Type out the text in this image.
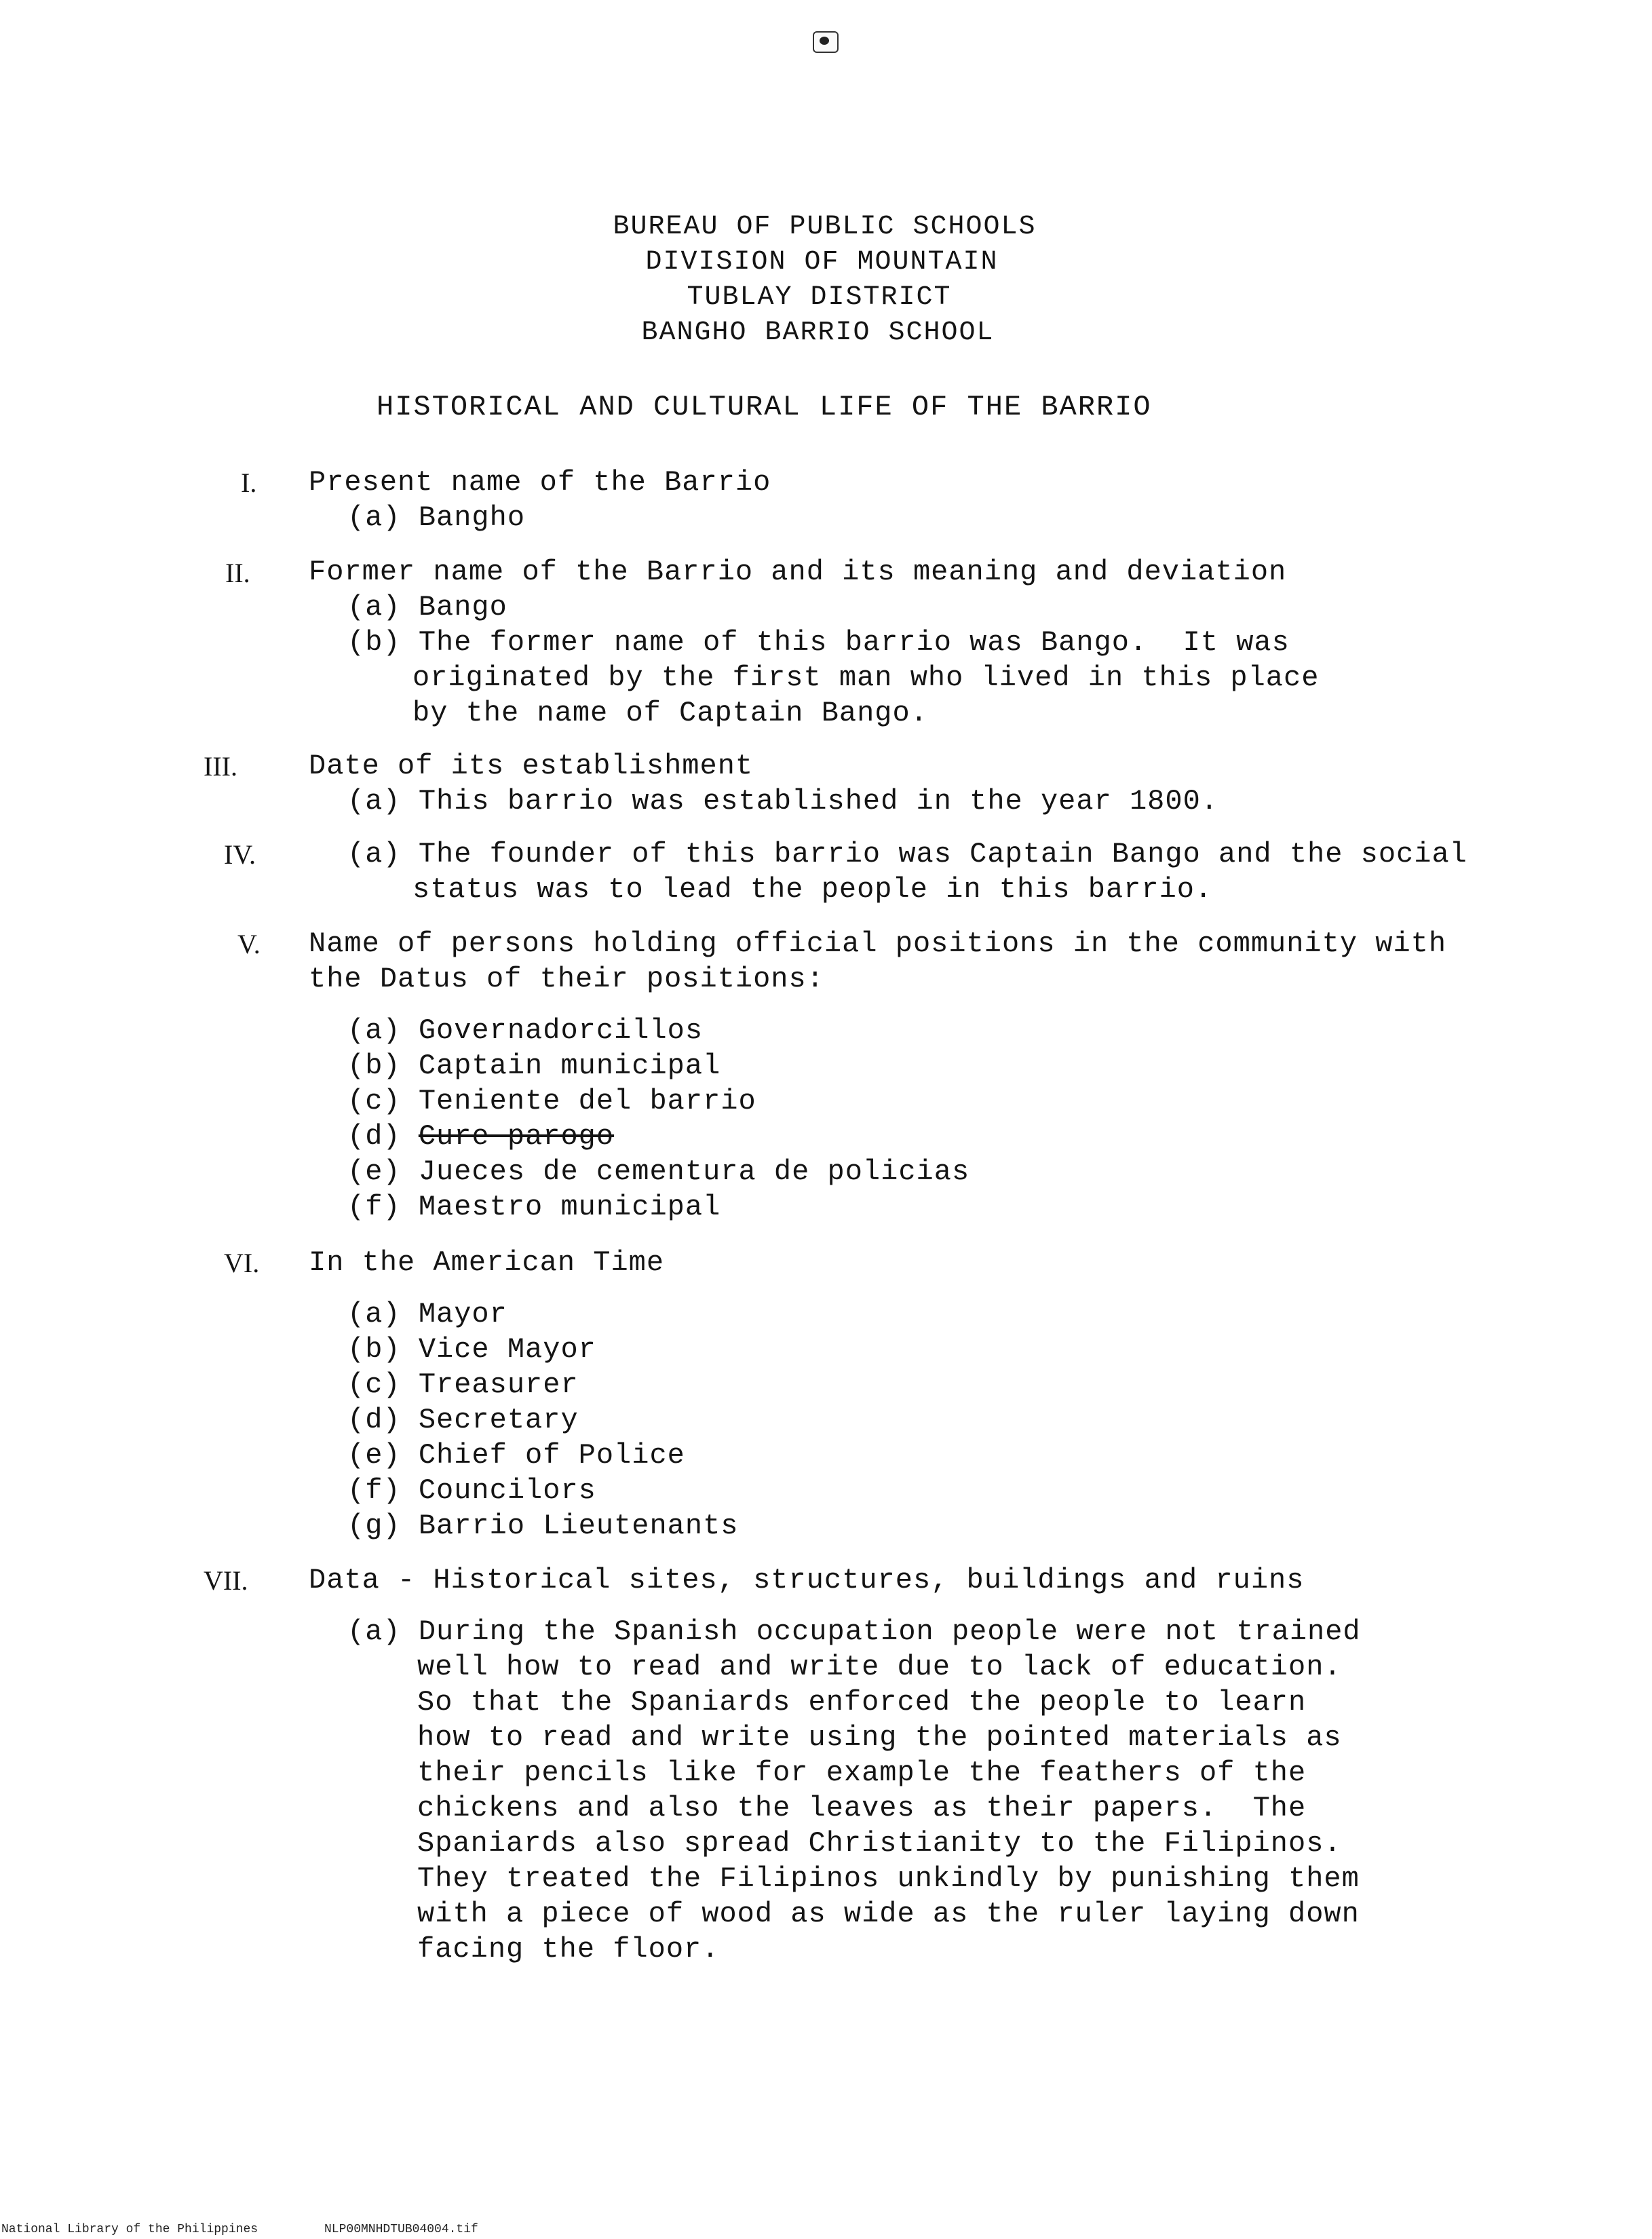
BUREAU OF PUBLIC SCHOOLS
DIVISION OF MOUNTAIN
TUBLAY DISTRICT
BANGHO BARRIO SCHOOL
HISTORICAL AND CULTURAL LIFE OF THE BARRIO
I. Present name of the Barrio
(a) Bangho
II. Former name of the Barrio and its meaning and deviation
(a) Bango
(b) The former name of this barrio was Bango.  It was
originated by the first man who lived in this place
by the name of Captain Bango.
III.	Date of its establishment
(a) This barrio was established in the year 1800.
IV.	(a) The founder of this barrio was Captain Bango and the social
status was to lead the people in this barrio.
V. Name of persons holding official positions in the community with
the Datus of their positions:
(a) Governadorcillos
(b) Captain municipal
(c) Teniente del barrio
(d) Cure parogo
(e) Jueces de cementura de policias
(f) Maestro municipal
VI. In the American Time
(a) Mayor
(b) Vice Mayor
(c) Treasurer
(d) Secretary
(e) Chief of Police
(f) Councilors
(g) Barrio Lieutenants
VII. Data - Historical sites, structures, buildings and ruins
(a) During the Spanish occupation people were not trained
well how to read and write due to lack of education.
So that the Spaniards enforced the people to learn
how to read and write using the pointed materials as
their pencils like for example the feathers of the
chickens and also the leaves as their papers.  The
Spaniards also spread Christianity to the Filipinos.
They treated the Filipinos unkindly by punishing them
with a piece of wood as wide as the ruler laying down
facing the floor.
National Library of the Philippines	NLP00MNHDTUB04004.tif
